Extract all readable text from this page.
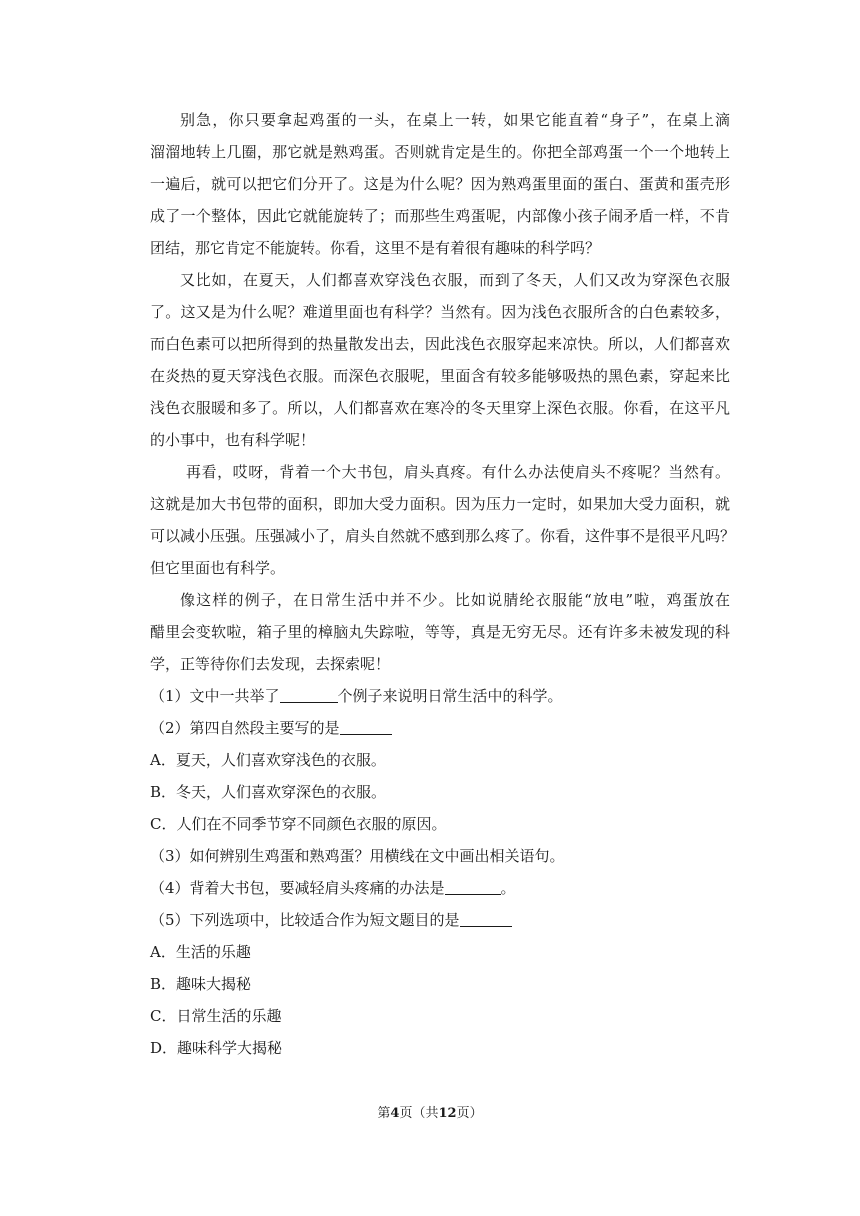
别急，你只要拿起鸡蛋的一头，在桌上一转，如果它能直着“身子”，在桌上滴
溜溜地转上几圈，那它就是熟鸡蛋。否则就肯定是生的。你把全部鸡蛋一个一个地转上
一遍后，就可以把它们分开了。这是为什么呢？因为熟鸡蛋里面的蛋白、蛋黄和蛋壳形
成了一个整体，因此它就能旋转了；而那些生鸡蛋呢，内部像小孩子闹矛盾一样，不肯
团结，那它肯定不能旋转。你看，这里不是有着很有趣味的科学吗？
又比如，在夏天，人们都喜欢穿浅色衣服，而到了冬天，人们又改为穿深色衣服
了。这又是为什么呢？难道里面也有科学？当然有。因为浅色衣服所含的白色素较多，
而白色素可以把所得到的热量散发出去，因此浅色衣服穿起来凉快。所以，人们都喜欢
在炎热的夏天穿浅色衣服。而深色衣服呢，里面含有较多能够吸热的黑色素，穿起来比
浅色衣服暖和多了。所以，人们都喜欢在寒冷的冬天里穿上深色衣服。你看，在这平凡
的小事中，也有科学呢！
再看，哎呀，背着一个大书包，肩头真疼。有什么办法使肩头不疼呢？当然有。
这就是加大书包带的面积，即加大受力面积。因为压力一定时，如果加大受力面积，就
可以减小压强。压强减小了，肩头自然就不感到那么疼了。你看，这件事不是很平凡吗？
但它里面也有科学。
像这样的例子，在日常生活中并不少。比如说腈纶衣服能“放电”啦，鸡蛋放在
醋里会变软啦，箱子里的樟脑丸失踪啦，等等，真是无穷无尽。还有许多未被发现的科
学，正等待你们去发现，去探索呢！
（1）文中一共举了	个例子来说明日常生活中的科学。
（2）第四自然段主要写的是
A．夏天，人们喜欢穿浅色的衣服。
B．冬天，人们喜欢穿深色的衣服。
C．人们在不同季节穿不同颜色衣服的原因。
（3）如何辨别生鸡蛋和熟鸡蛋？用横线在文中画出相关语句。
（4）背着大书包，要减轻肩头疼痛的办法是	。
（5）下列选项中，比较适合作为短文题目的是
A．生活的乐趣
B．趣味大揭秘
C．日常生活的乐趣
D．趣味科学大揭秘
第4页（共12页）
